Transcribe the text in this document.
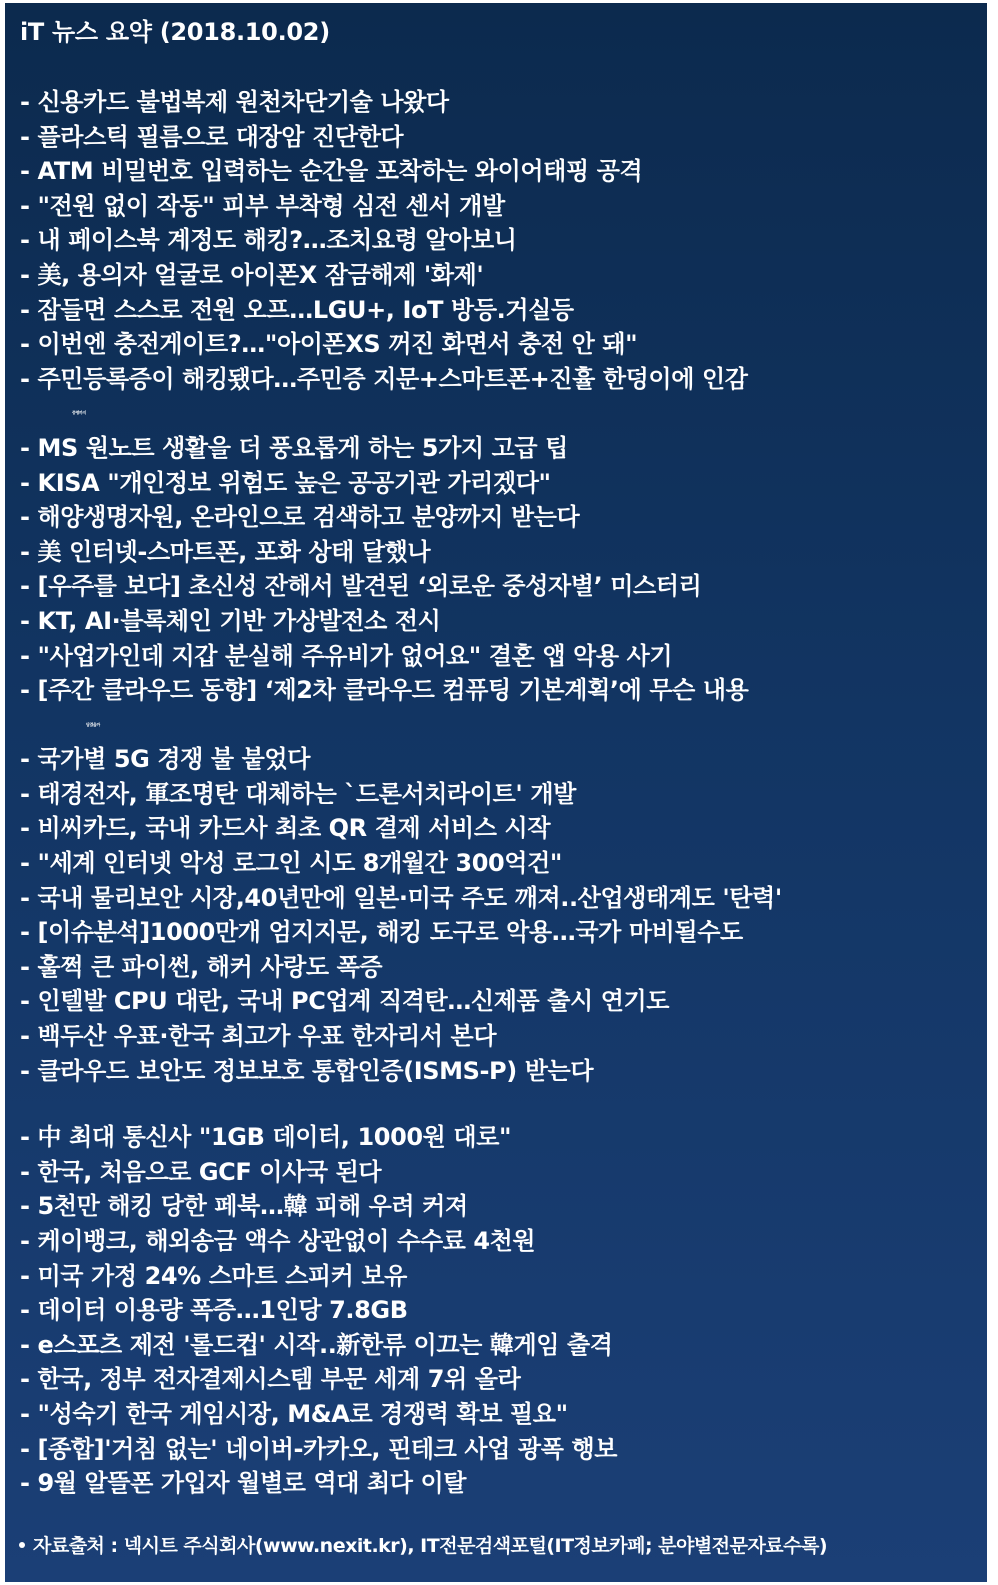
iT 뉴스 요약 (2018.10.02)
- 신용카드 불법복제 원천차단기술 나왔다
- 플라스틱 필름으로 대장암 진단한다
- ATM 비밀번호 입력하는 순간을 포착하는 와이어태핑 공격
- "전원 없이 작동" 피부 부착형 심전 센서 개발
- 내 페이스북 계정도 해킹?…조치요령 알아보니
- 美, 용의자 얼굴로 아이폰X 잠금해제 '화제'
- 잠들면 스스로 전원 오프…LGU+, IoT 방등.거실등
- 이번엔 충전게이트?…"아이폰XS 꺼진 화면서 충전 안 돼"
- 주민등록증이 해킹됐다…주민증 지문+스마트폰+진휼 한덩이에 인감
증명까지
- MS 원노트 생활을 더 풍요롭게 하는 5가지 고급 팁
- KISA "개인정보 위험도 높은 공공기관 가리겠다"
- 해양생명자원, 온라인으로 검색하고 분양까지 받는다
- 美 인터넷-스마트폰, 포화 상태 달했나
- [우주를 보다] 초신성 잔해서 발견된 ‘외로운 중성자별’ 미스터리
- KT, AI·블록체인 기반 가상발전소 전시
- "사업가인데 지갑 분실해 주유비가 없어요" 결혼 앱 악용 사기
- [주간 클라우드 동향] ‘제2차 클라우드 컴퓨팅 기본계획’에 무슨 내용
담겼을까
- 국가별 5G 경쟁 불 붙었다
- 태경전자, 軍조명탄 대체하는 `드론서치라이트' 개발
- 비씨카드, 국내 카드사 최초 QR 결제 서비스 시작
- "세계 인터넷 악성 로그인 시도 8개월간 300억건"
- 국내 물리보안 시장,40년만에 일본·미국 주도 깨져..산업생태계도 '탄력'
- [이슈분석]1000만개 엄지지문, 해킹 도구로 악용…국가 마비될수도
- 훌쩍 큰 파이썬, 해커 사랑도 폭증
- 인텔발 CPU 대란, 국내 PC업계 직격탄…신제품 출시 연기도
- 백두산 우표·한국 최고가 우표 한자리서 본다
- 클라우드 보안도 정보보호 통합인증(ISMS-P) 받는다
- 中 최대 통신사 "1GB 데이터, 1000원 대로"
- 한국, 처음으로 GCF 이사국 된다
- 5천만 해킹 당한 페북…韓 피해 우려 커져
- 케이뱅크, 해외송금 액수 상관없이 수수료 4천원
- 미국 가정 24% 스마트 스피커 보유
- 데이터 이용량 폭증…1인당 7.8GB
- e스포츠 제전 '롤드컵' 시작..新한류 이끄는 韓게임 출격
- 한국, 정부 전자결제시스템 부문 세계 7위 올라
- "성숙기 한국 게임시장, M&A로 경쟁력 확보 필요"
- [종합]'거침 없는' 네이버-카카오, 핀테크 사업 광폭 행보
- 9월 알뜰폰 가입자 월별로 역대 최다 이탈
자료출처 : 넥시트 주식회사(www.nexit.kr), IT전문검색포털(IT정보카페; 분야별전문자료수록)
